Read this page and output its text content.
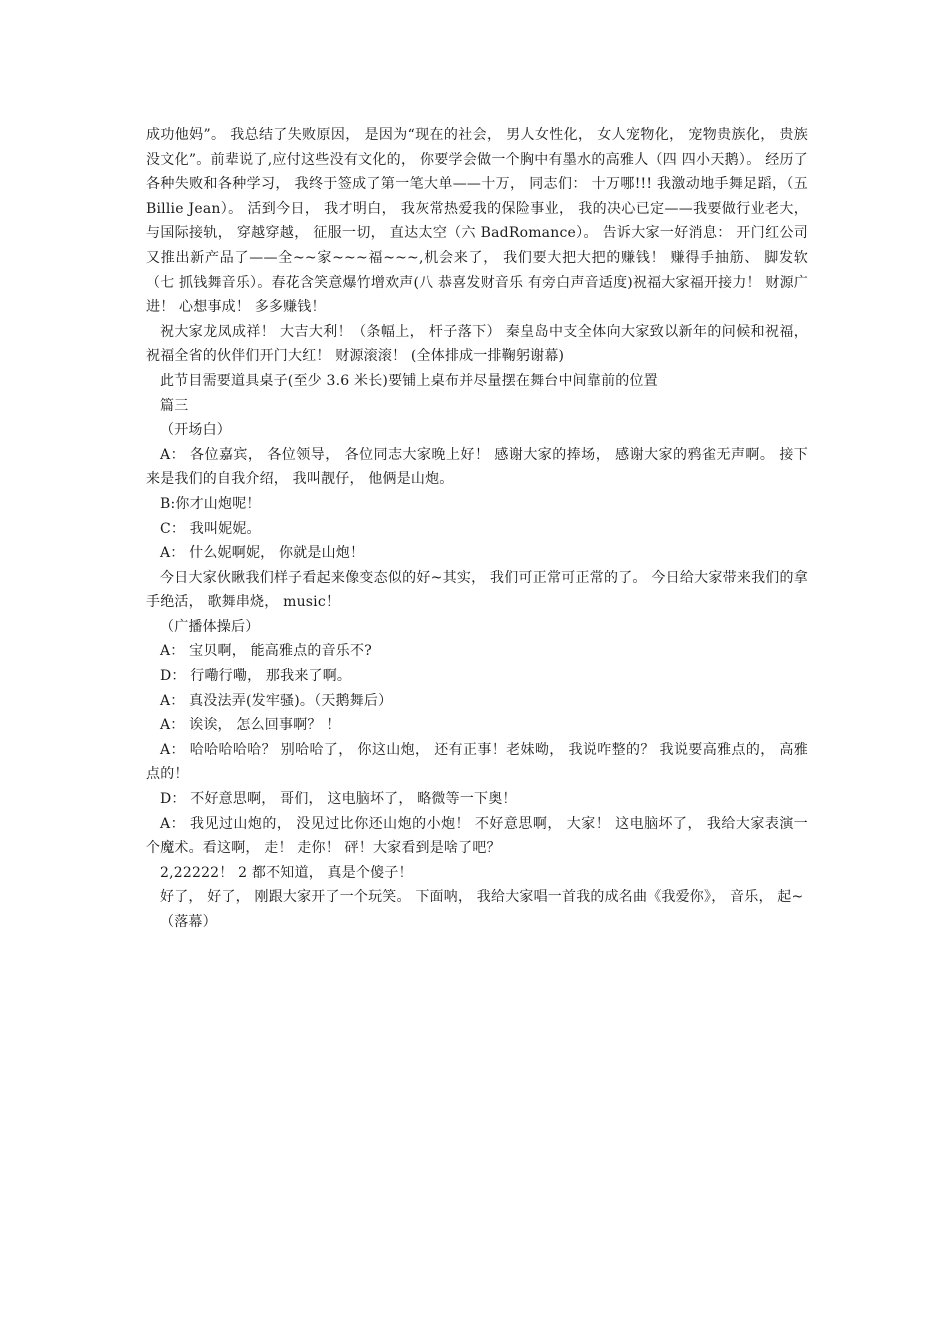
成功他妈”。 我总结了失败原因， 是因为“现在的社会， 男人女性化， 女人宠物化， 宠物贵族化， 贵族没文化”。前辈说了,应付这些没有文化的， 你要学会做一个胸中有墨水的高雅人（四 四小天鹅）。 经历了各种失败和各种学习， 我终于签成了第一笔大单——十万， 同志们： 十万哪!!! 我激动地手舞足蹈，（五 Billie Jean）。 活到今日， 我才明白， 我灰常热爱我的保险事业， 我的决心已定——我要做行业老大， 与国际接轨， 穿越穿越， 征服一切， 直达太空（六 BadRomance）。 告诉大家一好消息： 开门红公司又推出新产品了——全~~家~~~福~~~,机会来了， 我们要大把大把的赚钱！ 赚得手抽筋、 脚发软（七 抓钱舞音乐）。春花含笑意爆竹增欢声(八 恭喜发财音乐 有旁白声音适度)祝福大家福开接力！ 财源广进！ 心想事成！ 多多赚钱！

祝大家龙凤成祥！ 大吉大利！（条幅上， 杆子落下） 秦皇岛中支全体向大家致以新年的问候和祝福， 祝福全省的伙伴们开门大红！ 财源滚滚！ (全体排成一排鞠躬谢幕)

此节目需要道具桌子(至少 3.6 米长)要铺上桌布并尽量摆在舞台中间靠前的位置

篇三

（开场白）

A： 各位嘉宾， 各位领导， 各位同志大家晚上好！ 感谢大家的捧场， 感谢大家的鸦雀无声啊。 接下来是我们的自我介绍， 我叫靓仔， 他俩是山炮。

B:你才山炮呢！

C： 我叫妮妮。

A： 什么妮啊妮， 你就是山炮！

今日大家伙瞅我们样子看起来像变态似的好~其实， 我们可正常可正常的了。 今日给大家带来我们的拿手绝活， 歌舞串烧， music！

（广播体操后）

A： 宝贝啊， 能高雅点的音乐不?

D： 行嘞行嘞， 那我来了啊。

A： 真没法弄(发牢骚)。（天鹅舞后）

A： 诶诶， 怎么回事啊？ ！

A： 哈哈哈哈哈？ 别哈哈了， 你这山炮， 还有正事！老妹呦， 我说咋整的？ 我说要高雅点的， 高雅点的！

D： 不好意思啊， 哥们， 这电脑坏了， 略微等一下奥！

A： 我见过山炮的， 没见过比你还山炮的小炮！ 不好意思啊， 大家！ 这电脑坏了， 我给大家表演一个魔术。看这啊， 走！ 走你！ 砰！大家看到是啥了吧？

2,22222！ 2 都不知道， 真是个傻子！

好了， 好了， 刚跟大家开了一个玩笑。 下面呐， 我给大家唱一首我的成名曲《我爱你》， 音乐， 起~

（落幕）
